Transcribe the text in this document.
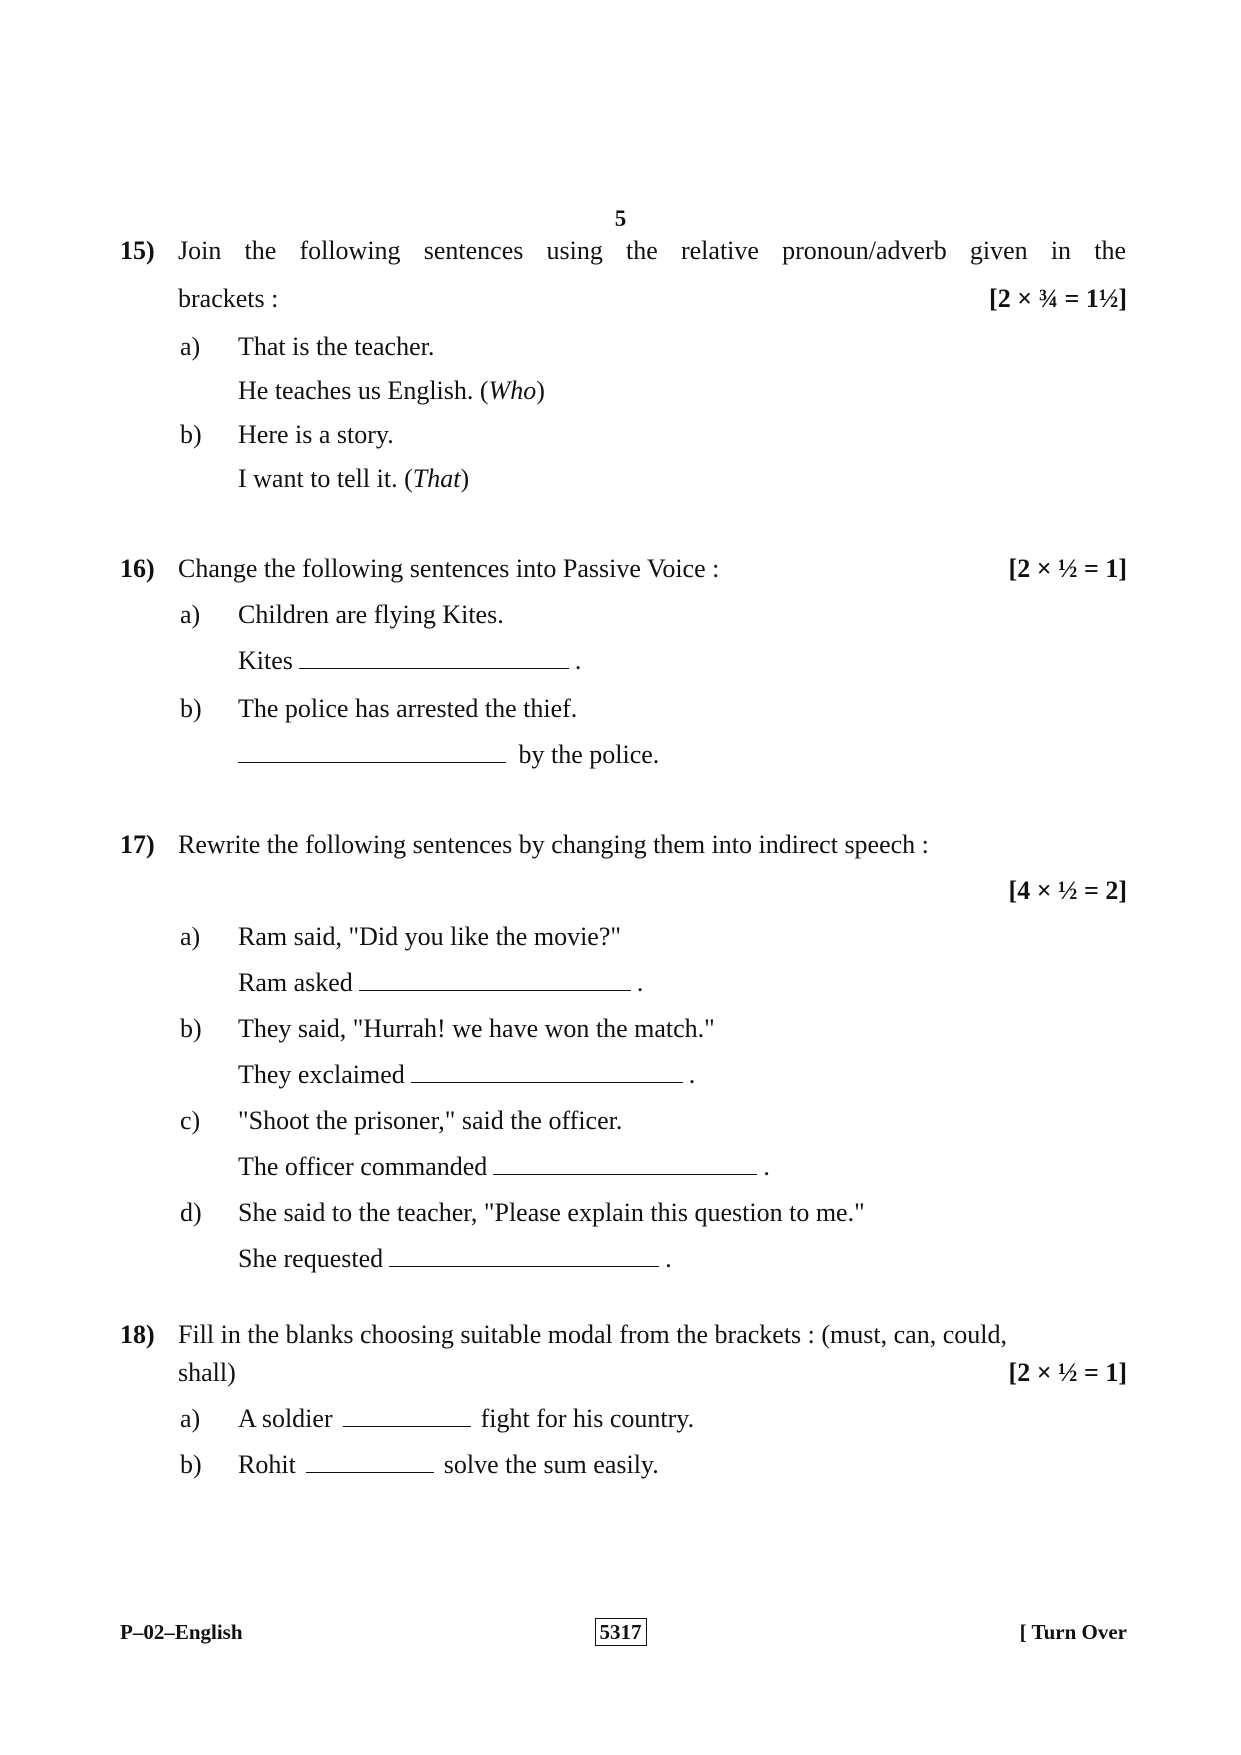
5
15) Join the following sentences using the relative pronoun/adverb given in the
brackets :	[2 × ¾ = 1½]
a) That is the teacher.
He teaches us English. (Who)
b) Here is a story.
I want to tell it. (That)
16) Change the following sentences into Passive Voice :	[2 × ½ = 1]
a) Children are flying Kites.
Kites	.
b) The police has arrested the thief.
by the police.
17) Rewrite the following sentences by changing them into indirect speech :
[4 × ½ = 2]
a) Ram said, "Did you like the movie?"
Ram asked	.
b) They said, "Hurrah! we have won the match."
They exclaimed	.
c) "Shoot the prisoner," said the officer.
The officer commanded	.
d) She said to the teacher, "Please explain this question to me."
She requested	.
18) Fill in the blanks choosing suitable modal from the brackets : (must, can, could,
shall)	[2 × ½ = 1]
a) A soldier	fight for his country.
b) Rohit	solve the sum easily.
P–02–English	5317	[ Turn Over
